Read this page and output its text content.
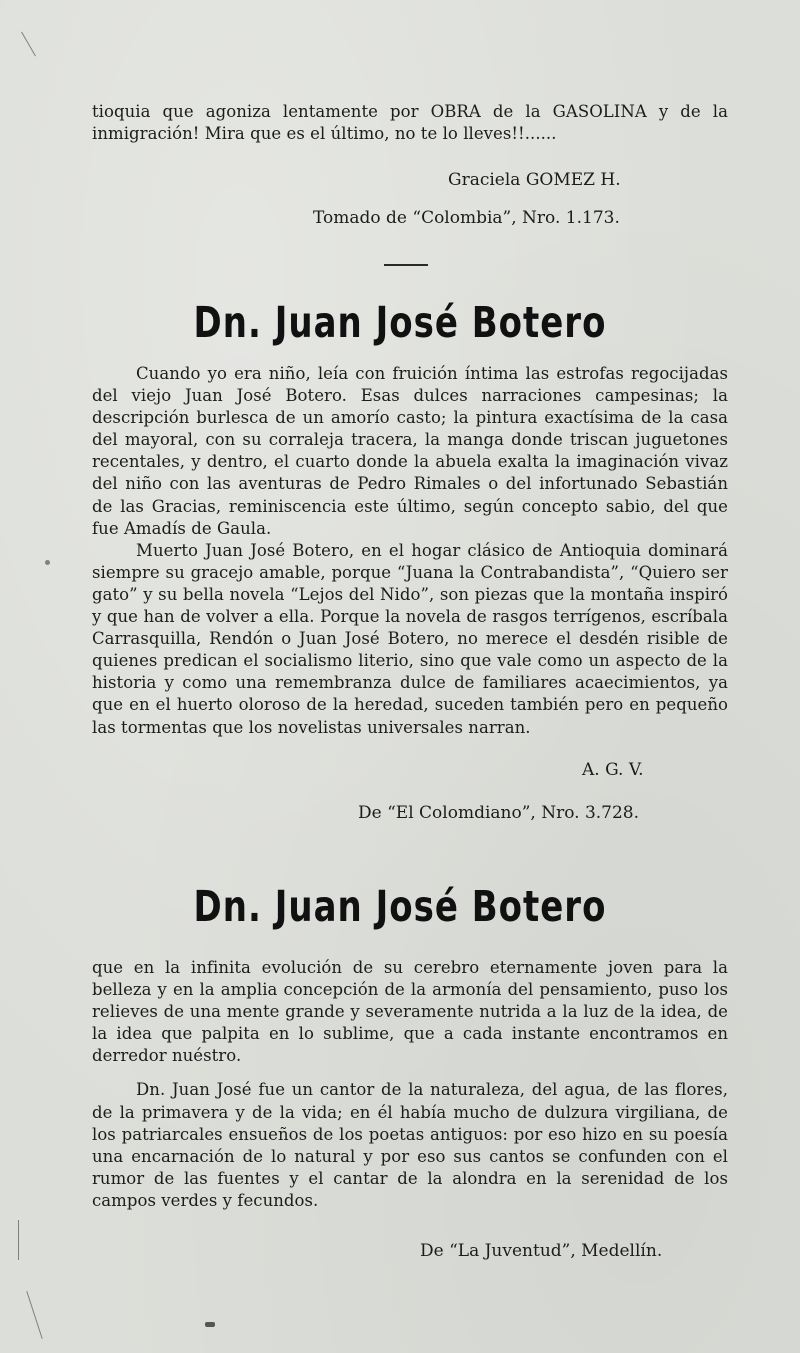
tioquia que agoniza lentamente por OBRA de la GASOLINA y de la inmigración! Mira que es el último, no te lo lleves!!......

Graciela GOMEZ H.
Tomado de “Colombia”, Nro. 1.173.
Dn. Juan José Botero

Cuando yo era niño, leía con fruición íntima las estrofas regocijadas del viejo Juan José Botero. Esas dulces narraciones campesinas; la descripción burlesca de un amorío casto; la pintura exactísima de la casa del mayoral, con su corraleja tracera, la manga donde triscan juguetones recentales, y dentro, el cuarto donde la abuela exalta la imaginación vivaz del niño con las aventuras de Pedro Rimales o del infortunado Sebastián de las Gracias, reminiscencia este último, según concepto sabio, del que fue Amadís de Gaula.

Muerto Juan José Botero, en el hogar clásico de Antioquia dominará siempre su gracejo amable, porque “Juana la Contrabandista”, “Quiero ser gato” y su bella novela “Lejos del Nido”, son piezas que la montaña inspiró y que han de volver a ella. Porque la novela de rasgos terrígenos, escríbala Carrasquilla, Rendón o Juan José Botero, no merece el desdén risible de quienes predican el socialismo literio, sino que vale como un aspecto de la historia y como una remembranza dulce de familiares acaecimientos, ya que en el huerto oloroso de la heredad, suceden también pero en pequeño las tormentas que los novelistas universales narran.

A. G. V.
De “El Colomdiano”, Nro. 3.728.
Dn. Juan José Botero

que en la infinita evolución de su cerebro eternamente joven para la belleza y en la amplia concepción de la armonía del pensamiento, puso los relieves de una mente grande y severamente nutrida a la luz de la idea, de la idea que palpita en lo sublime, que a cada instante encontramos en derredor nuéstro.

Dn. Juan José fue un cantor de la naturaleza, del agua, de las flores, de la primavera y de la vida; en él había mucho de dulzura virgiliana, de los patriarcales ensueños de los poetas antiguos: por eso hizo en su poesía una encarnación de lo natural y por eso sus cantos se confunden con el rumor de las fuentes y el cantar de la alondra en la serenidad de los campos verdes y fecundos.

De “La Juventud”, Medellín.
